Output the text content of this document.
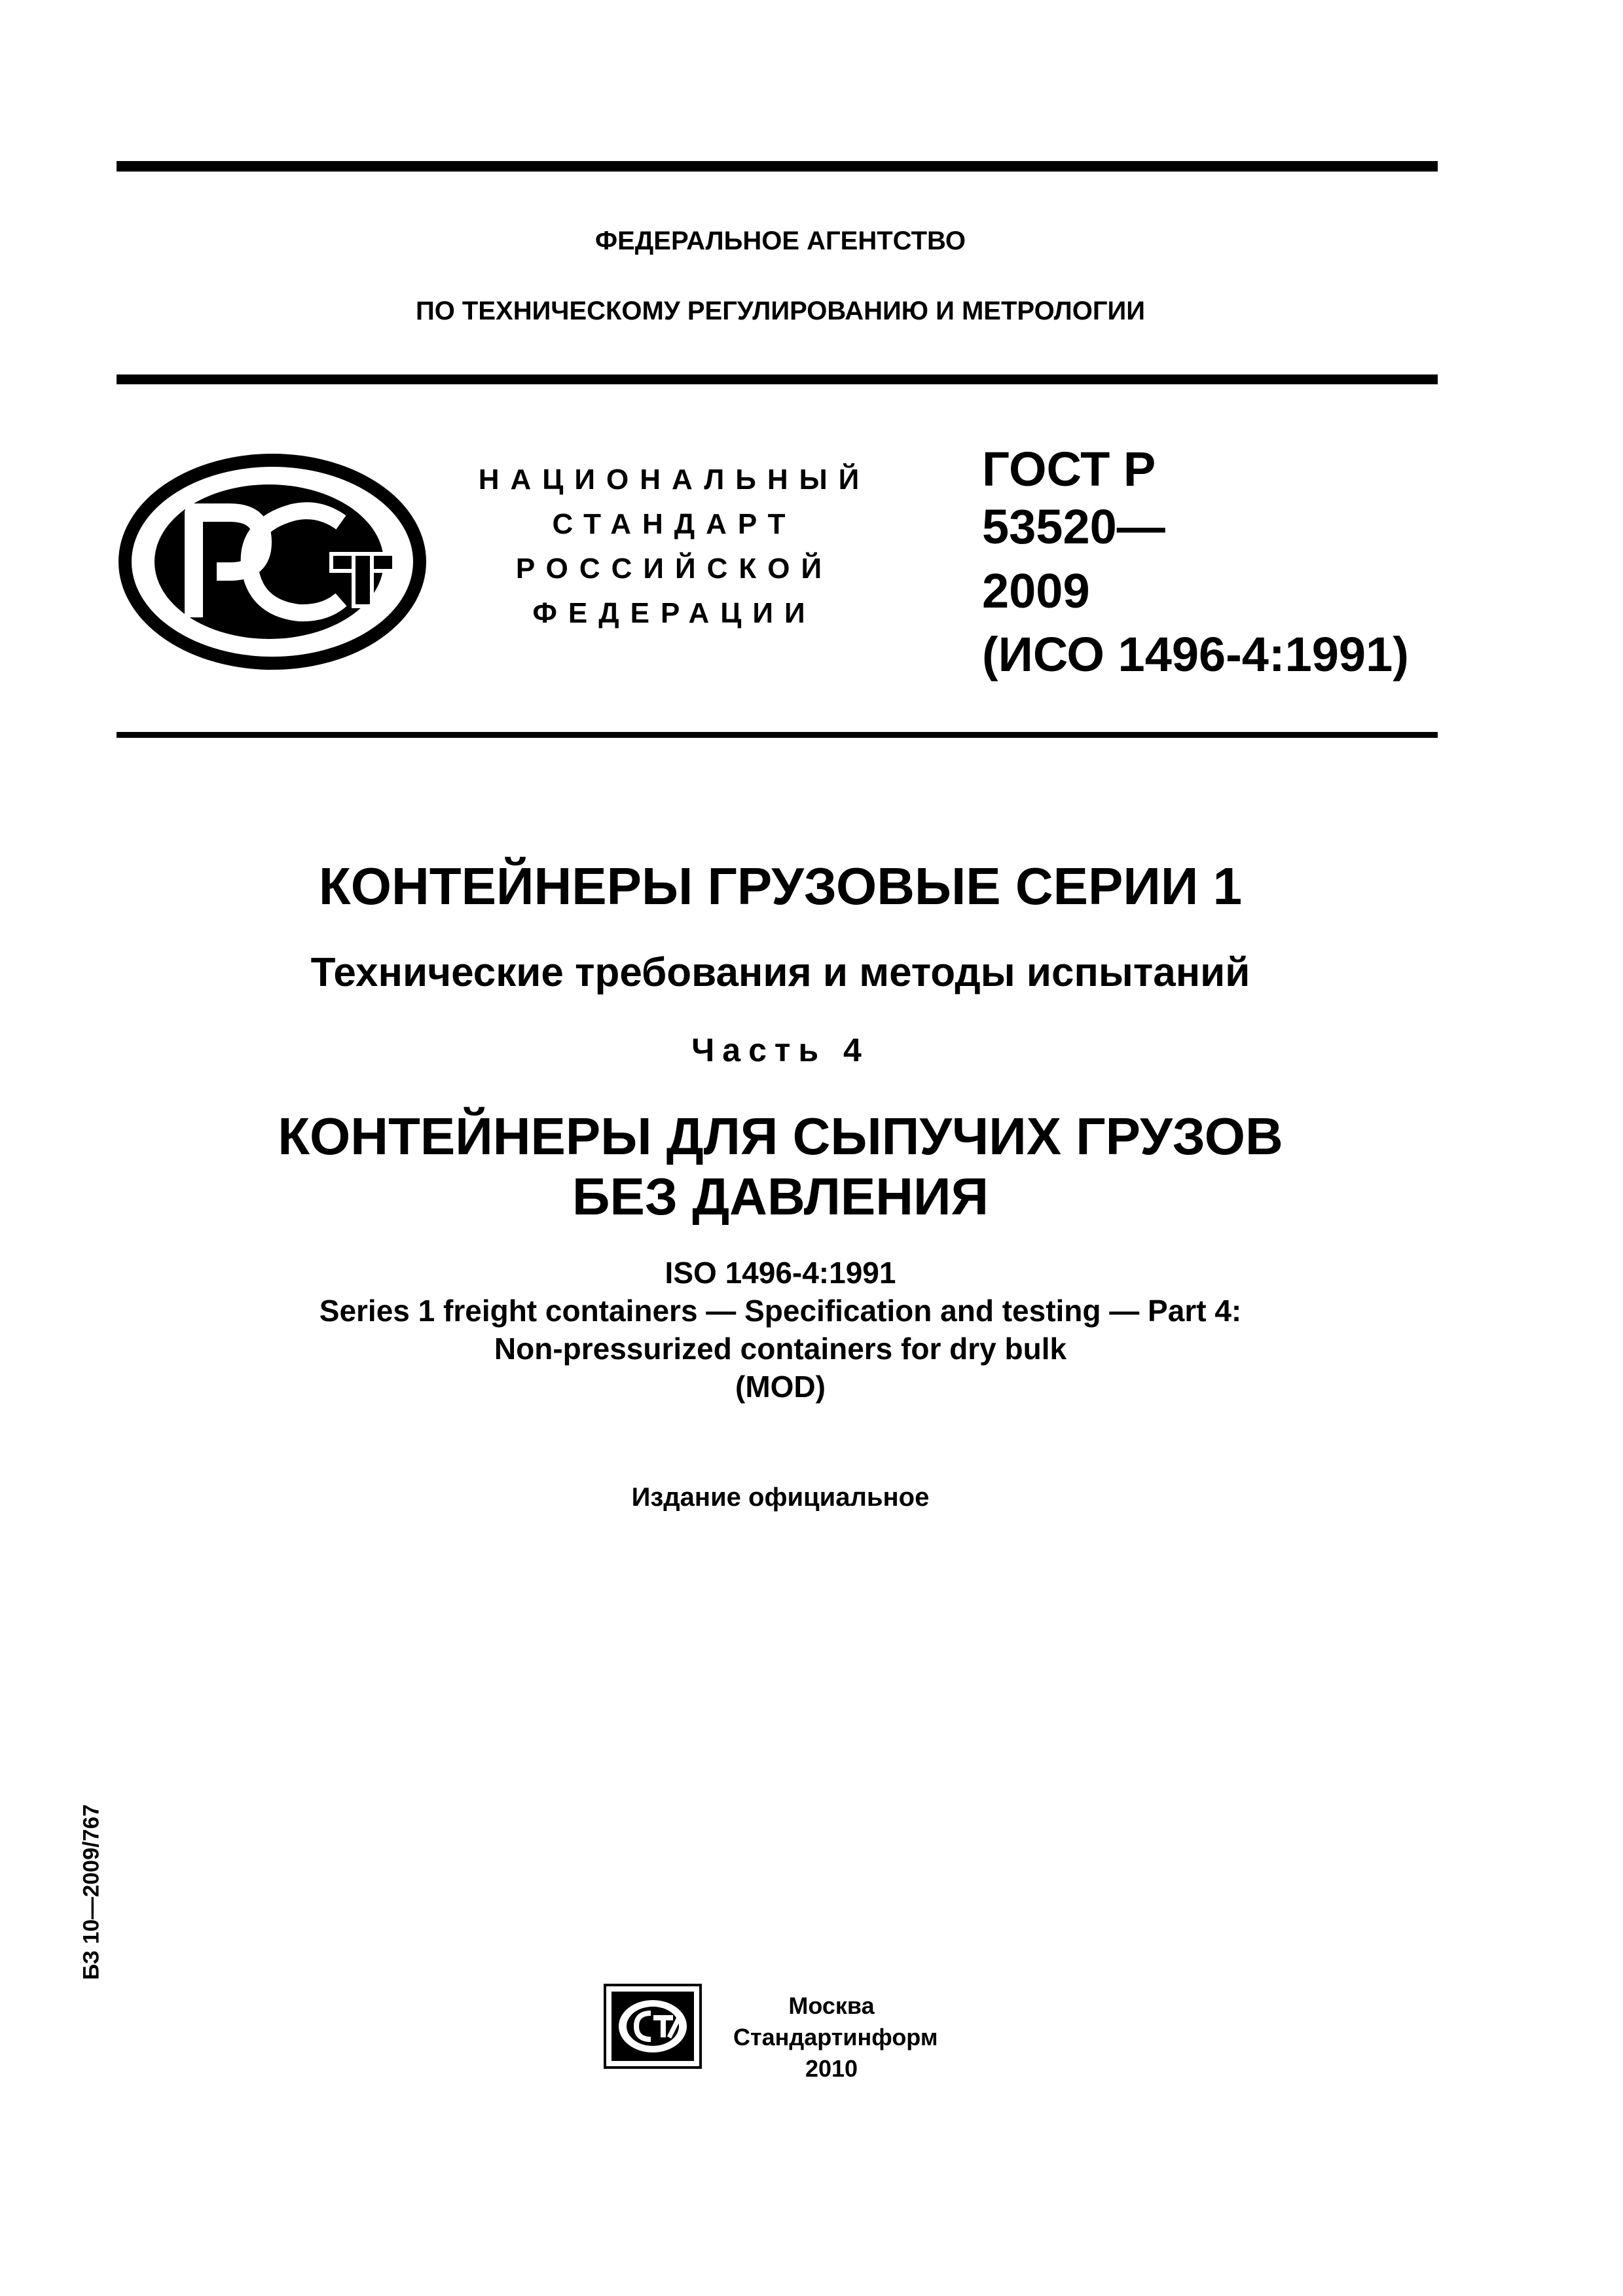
ФЕДЕРАЛЬНОЕ АГЕНТСТВО
ПО ТЕХНИЧЕСКОМУ РЕГУЛИРОВАНИЮ И МЕТРОЛОГИИ
НАЦИОНАЛЬНЫЙ
СТАНДАРТ
РОССИЙСКОЙ
ФЕДЕРАЦИИ
ГОСТ Р
53520—
2009
(ИСО 1496-4:1991)
КОНТЕЙНЕРЫ ГРУЗОВЫЕ СЕРИИ 1
Технические требования и методы испытаний
Часть 4
КОНТЕЙНЕРЫ ДЛЯ СЫПУЧИХ ГРУЗОВ
БЕЗ ДАВЛЕНИЯ
ISO 1496-4:1991
Series 1 freight containers — Specification and testing — Part 4:
Non-pressurized containers for dry bulk
(MOD)
Издание официальное
БЗ 10—2009/767
Москва
Стандартинформ
2010
